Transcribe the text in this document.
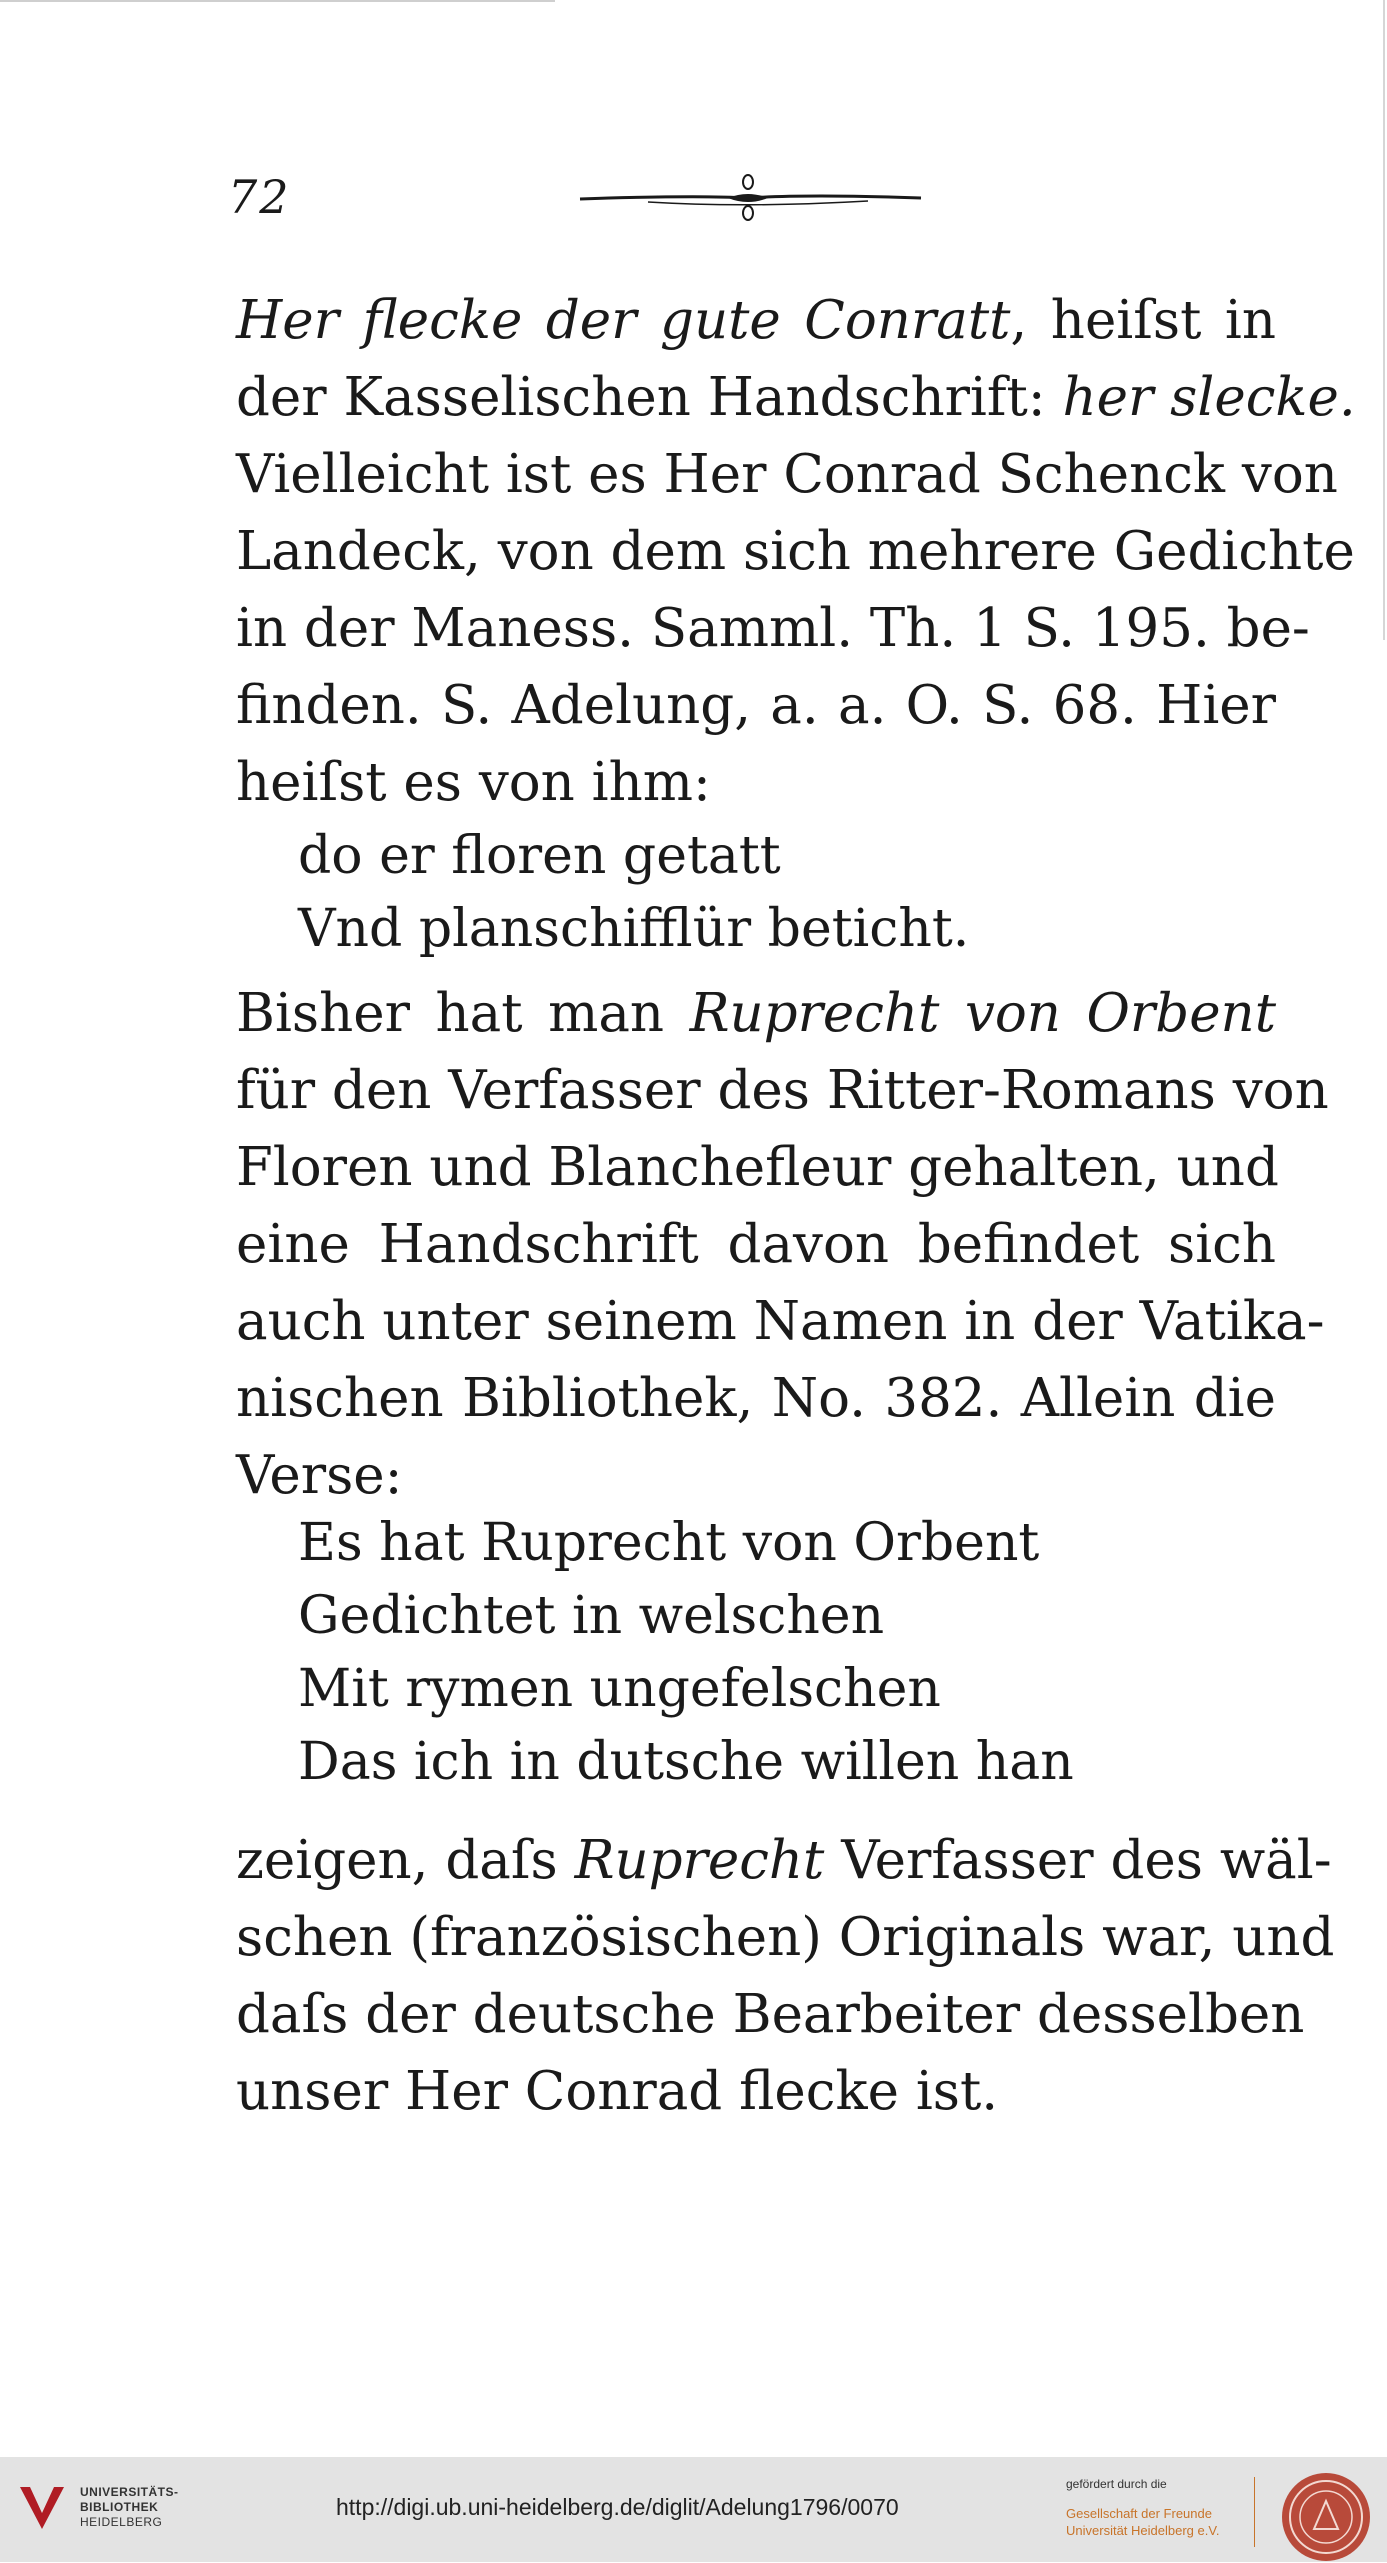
72
Her flecke der gute Conratt, heiſst in
der Kasselischen Handschrift: her slecke.
Vielleicht ist es Her Conrad Schenck von
Landeck, von dem sich mehrere Gedichte
in der Maness. Samml. Th. 1 S. 195. be-
finden. S. Adelung, a. a. O. S. 68. Hier
heiſst es von ihm:
do er floren getatt
Vnd planschifflür beticht.
Bisher hat man Ruprecht von Orbent
für den Verfasser des Ritter-Romans von
Floren und Blanchefleur gehalten, und
eine Handschrift davon befindet sich
auch unter seinem Namen in der Vatika-
nischen Bibliothek, No. 382. Allein die
Verse:
Es hat Ruprecht von Orbent
Gedichtet in welschen
Mit rymen ungefelschen
Das ich in dutsche willen han
zeigen, daſs Ruprecht Verfasser des wäl-
schen (französischen) Originals war, und
daſs der deutsche Bearbeiter desselben
unser Her Conrad flecke ist.
UNIVERSITÄTS-
BIBLIOTHEK
HEIDELBERG
http://digi.ub.uni-heidelberg.de/diglit/Adelung1796/0070
gefördert durch die
Gesellschaft der Freunde
Universität Heidelberg e.V.
